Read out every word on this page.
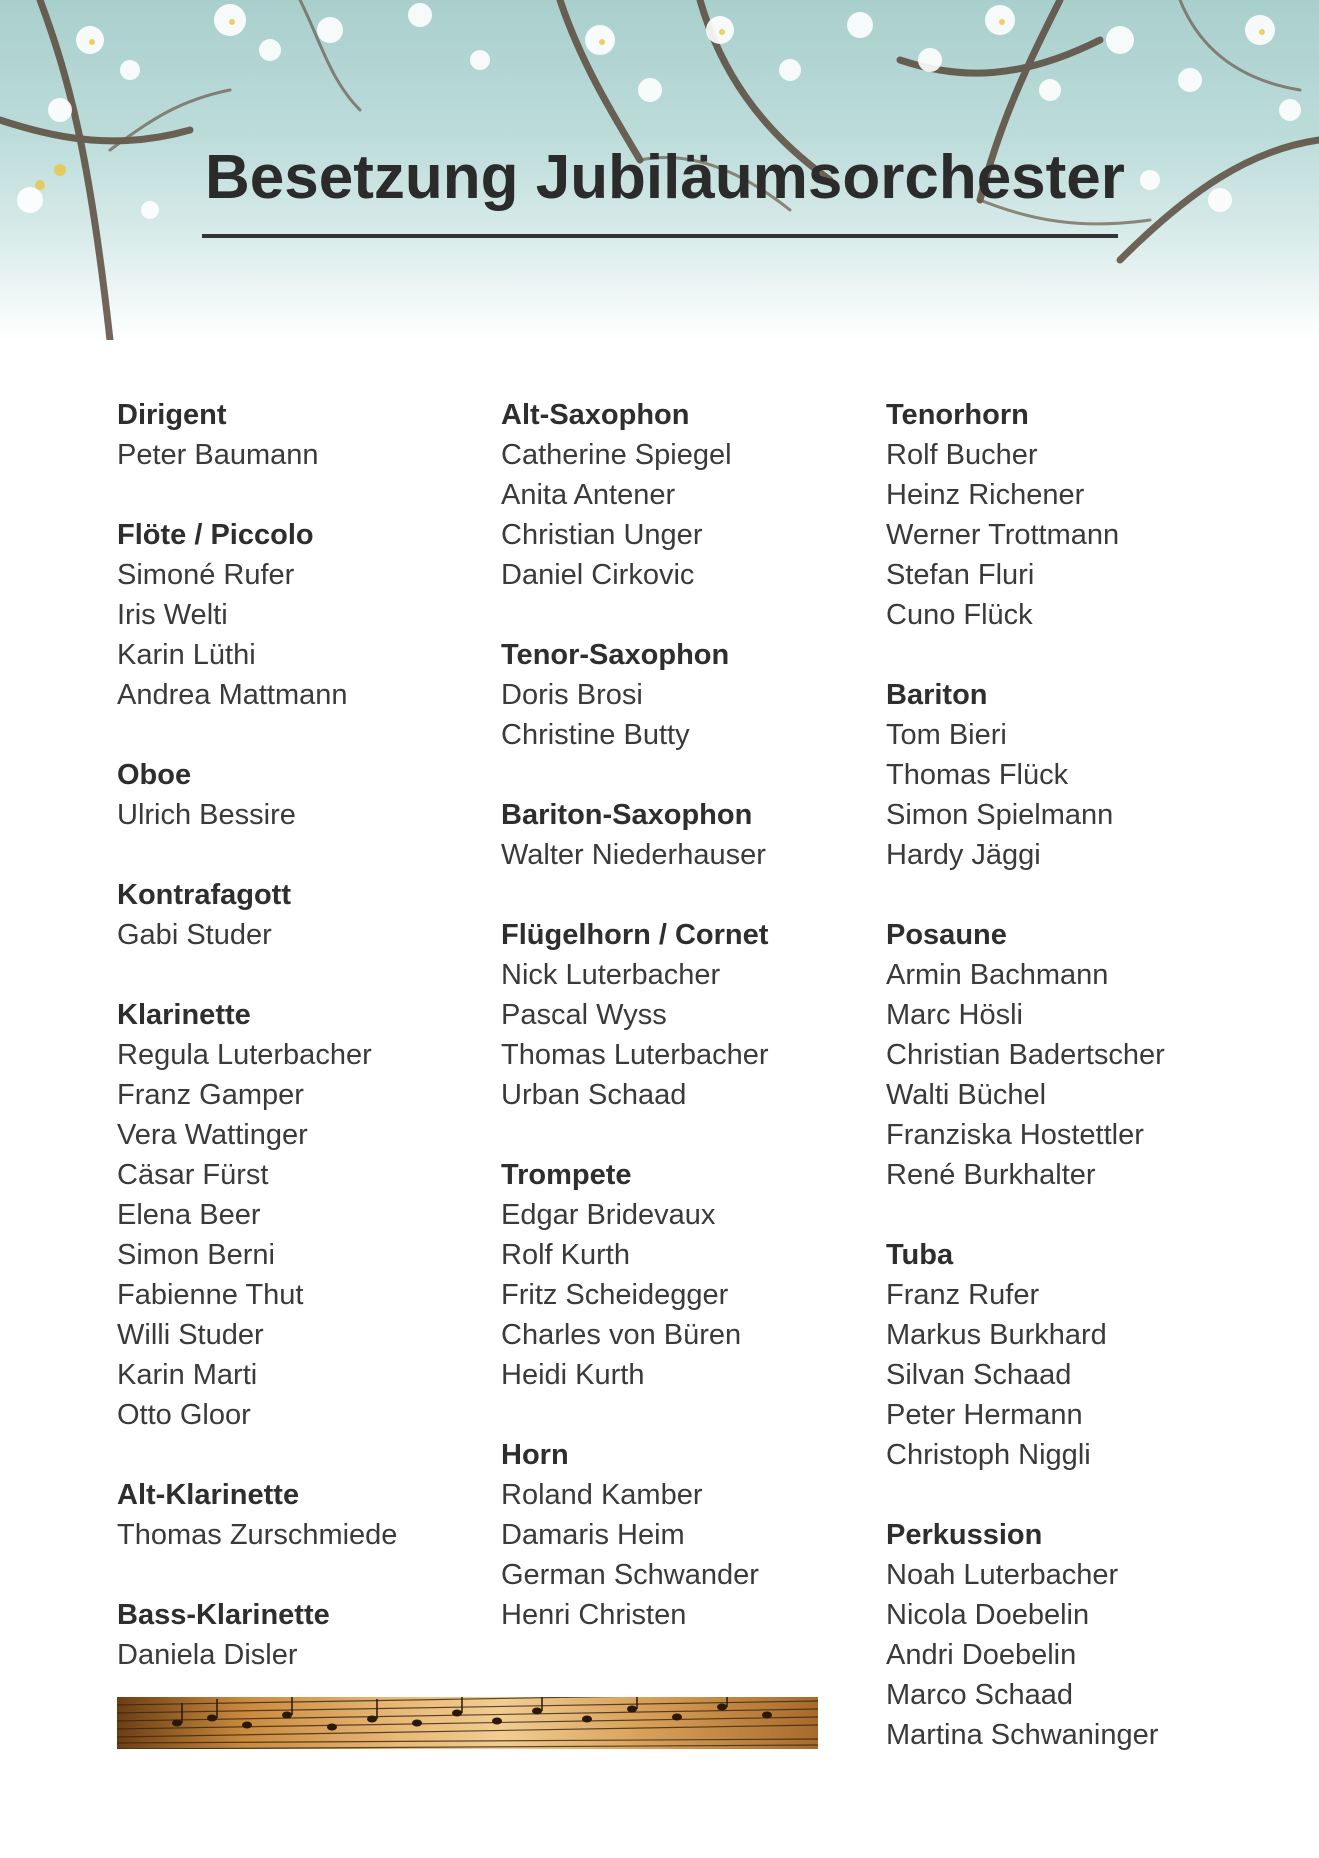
Besetzung Jubiläumsorchester
Dirigent
Peter Baumann
Flöte / Piccolo
Simoné Rufer
Iris Welti
Karin Lüthi
Andrea Mattmann
Oboe
Ulrich Bessire
Kontrafagott
Gabi Studer
Klarinette
Regula Luterbacher
Franz Gamper
Vera Wattinger
Cäsar Fürst
Elena Beer
Simon Berni
Fabienne Thut
Willi Studer
Karin Marti
Otto Gloor
Alt-Klarinette
Thomas Zurschmiede
Bass-Klarinette
Daniela Disler
Alt-Saxophon
Catherine Spiegel
Anita Antener
Christian Unger
Daniel Cirkovic
Tenor-Saxophon
Doris Brosi
Christine Butty
Bariton-Saxophon
Walter Niederhauser
Flügelhorn / Cornet
Nick Luterbacher
Pascal Wyss
Thomas Luterbacher
Urban Schaad
Trompete
Edgar Bridevaux
Rolf Kurth
Fritz Scheidegger
Charles von Büren
Heidi Kurth
Horn
Roland Kamber
Damaris Heim
German Schwander
Henri Christen
Tenorhorn
Rolf Bucher
Heinz Richener
Werner Trottmann
Stefan Fluri
Cuno Flück
Bariton
Tom Bieri
Thomas Flück
Simon Spielmann
Hardy Jäggi
Posaune
Armin Bachmann
Marc Hösli
Christian Badertscher
Walti Büchel
Franziska Hostettler
René Burkhalter
Tuba
Franz Rufer
Markus Burkhard
Silvan Schaad
Peter Hermann
Christoph Niggli
Perkussion
Noah Luterbacher
Nicola Doebelin
Andri Doebelin
Marco Schaad
Martina Schwaninger
